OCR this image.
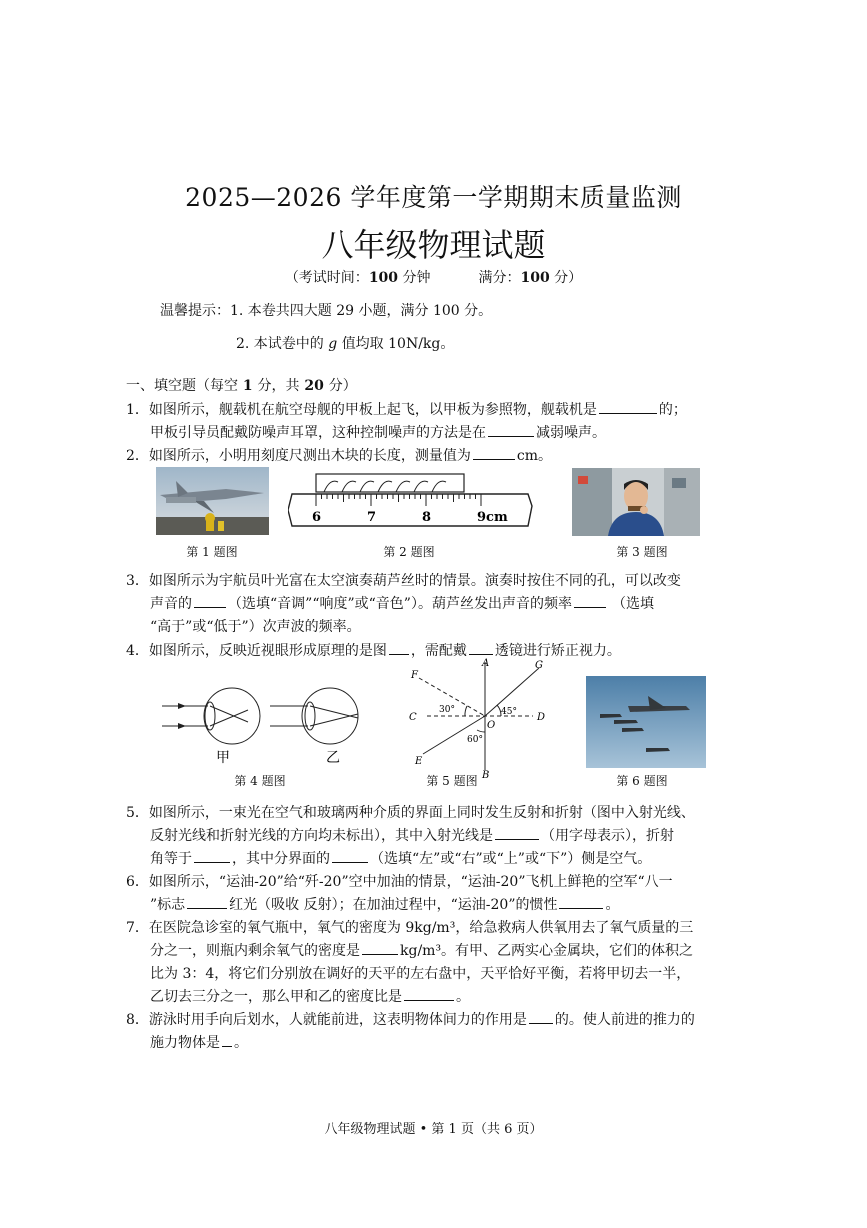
2025—2026 学年度第一学期期末质量监测
八年级物理试题
（考试时间：100 分钟	满分：100 分）
温馨提示：1. 本卷共四大题 29 小题，满分 100 分。
2. 本试卷中的 g 值均取 10N/kg。
一、填空题（每空 1 分，共 20 分）
1．如图所示，舰载机在航空母舰的甲板上起飞，以甲板为参照物，舰载机是	的；
甲板引导员配戴防噪声耳罩，这种控制噪声的方法是在	减弱噪声。
2．如图所示，小明用刻度尺测出木块的长度，测量值为	cm。
6	7	8	9cm
第 1 题图	第 2 题图	第 3 题图
3．如图所示为宇航员叶光富在太空演奏葫芦丝时的情景。演奏时按住不同的孔，可以改变
声音的	（选填“音调”“响度”或“音色”）。葫芦丝发出声音的频率	（选填
“高于”或“低于”）次声波的频率。
4．如图所示，反映近视眼形成原理的是图 ，需配戴 透镜进行矫正视力。
甲	乙
A
B
C	D
E
F
G
O
30°	45°
60°
第 4 题图	第 5 题图	第 6 题图
5．如图所示，一束光在空气和玻璃两种介质的界面上同时发生反射和折射（图中入射光线、
反射光线和折射光线的方向均未标出），其中入射光线是	（用字母表示），折射
角等于	，其中分界面的	（选填“左”或“右”或“上”或“下”）侧是空气。
6．如图所示，“运油-20”给“歼-20”空中加油的情景，“运油-20”飞机上鲜艳的空军“八一
”标志	红光（吸收 反射）；在加油过程中，“运油-20”的惯性	。
7．在医院急诊室的氧气瓶中，氧气的密度为 9kg/m³，给急救病人供氧用去了氧气质量的三
分之一，则瓶内剩余氧气的密度是	kg/m³。有甲、乙两实心金属块，它们的体积之
比为 3：4，将它们分别放在调好的天平的左右盘中，天平恰好平衡，若将甲切去一半，
乙切去三分之一，那么甲和乙的密度比是	。
8．游泳时用手向后划水，人就能前进，这表明物体间力的作用是 的。使人前进的推力的
施力物体是 。
八年级物理试题 • 第 1 页（共 6 页）
